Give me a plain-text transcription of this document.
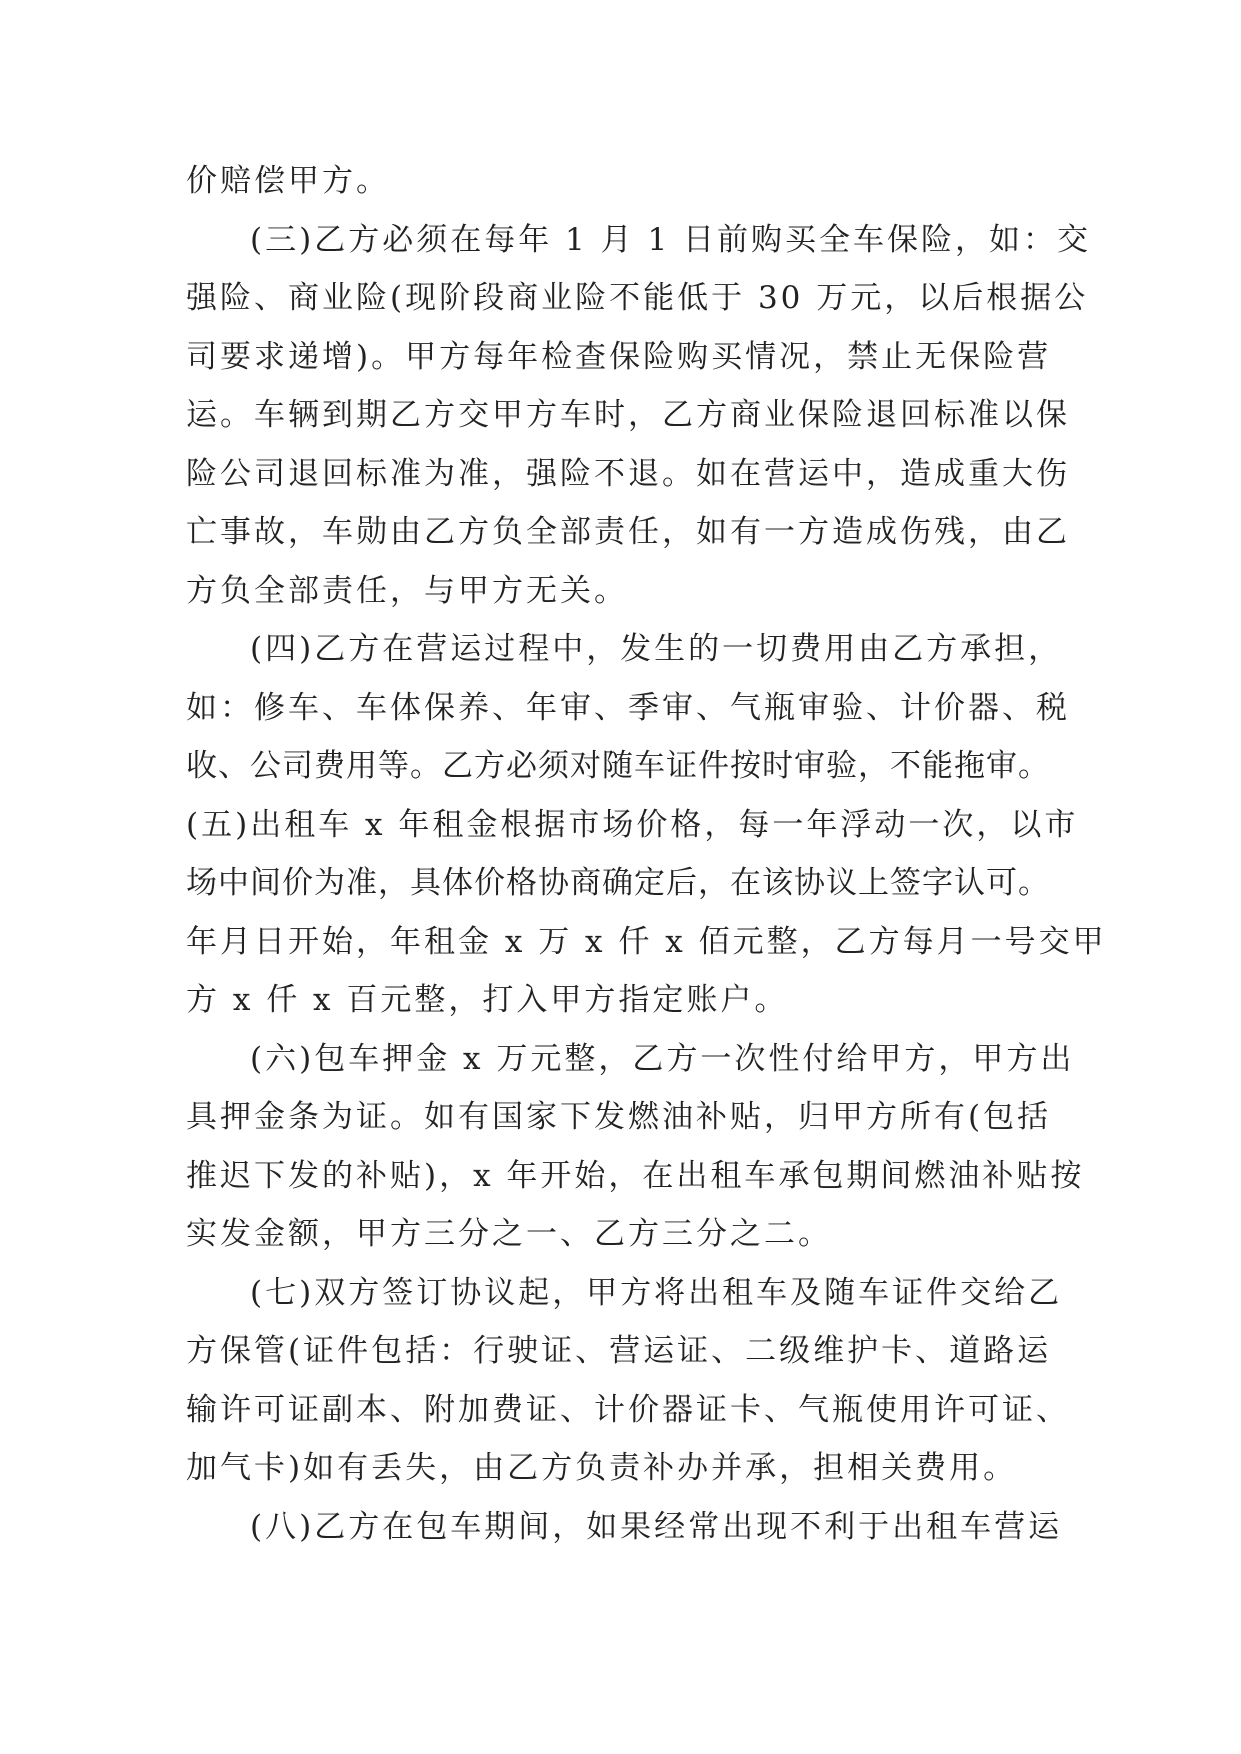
价赔偿甲方。
(三)乙方必须在每年 1 月 1 日前购买全车保险，如：交
强险、商业险(现阶段商业险不能低于 30 万元，以后根据公
司要求递增)。甲方每年检查保险购买情况，禁止无保险营
运。车辆到期乙方交甲方车时，乙方商业保险退回标准以保
险公司退回标准为准，强险不退。如在营运中，造成重大伤
亡事故，车勋由乙方负全部责任，如有一方造成伤残，由乙
方负全部责任，与甲方无关。
(四)乙方在营运过程中，发生的一切费用由乙方承担，
如：修车、车体保养、年审、季审、气瓶审验、计价器、税
收、公司费用等。乙方必须对随车证件按时审验，不能拖审。
(五)出租车 x 年租金根据市场价格，每一年浮动一次，以市
场中间价为准，具体价格协商确定后，在该协议上签字认可。
年月日开始，年租金 x 万 x 仟 x 佰元整，乙方每月一号交甲
方 x 仟 x 百元整，打入甲方指定账户。
(六)包车押金 x 万元整，乙方一次性付给甲方，甲方出
具押金条为证。如有国家下发燃油补贴，归甲方所有(包括
推迟下发的补贴)，x 年开始，在出租车承包期间燃油补贴按
实发金额，甲方三分之一、乙方三分之二。
(七)双方签订协议起，甲方将出租车及随车证件交给乙
方保管(证件包括：行驶证、营运证、二级维护卡、道路运
输许可证副本、附加费证、计价器证卡、气瓶使用许可证、
加气卡)如有丢失，由乙方负责补办并承，担相关费用。
(八)乙方在包车期间，如果经常出现不利于出租车营运
